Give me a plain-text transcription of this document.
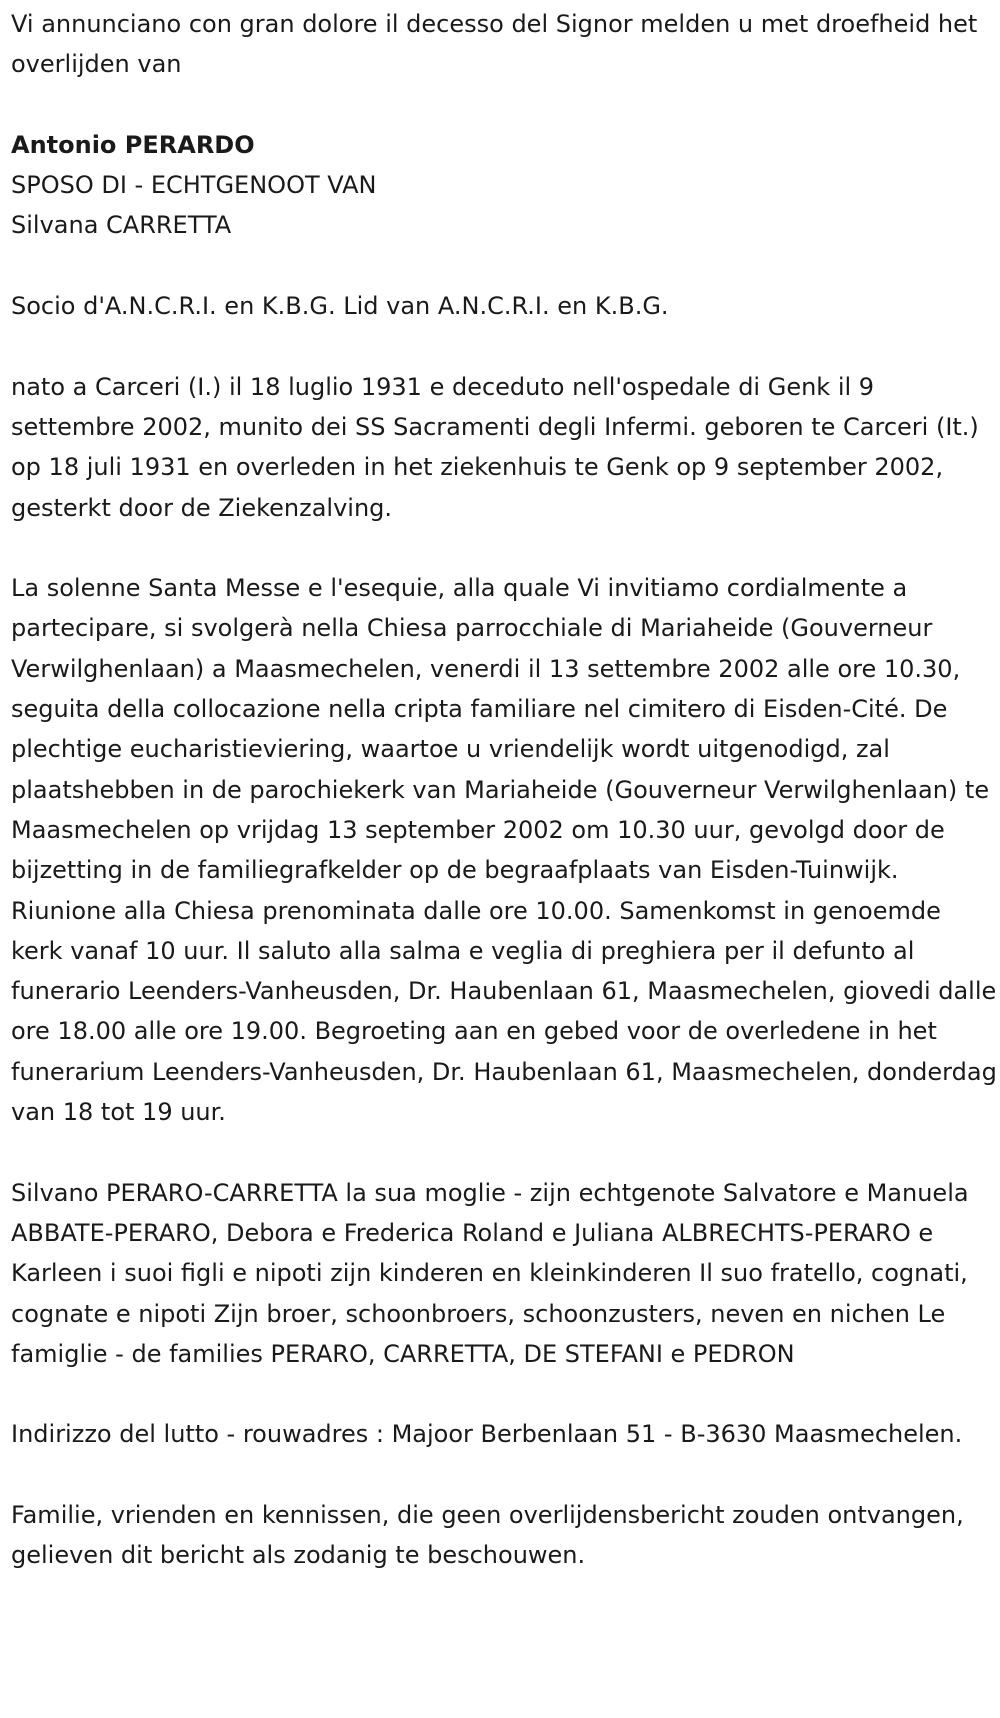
Vi annunciano con gran dolore il decesso del Signor melden u met droefheid het overlijden van

Antonio PERARDO

SPOSO DI - ECHTGENOOT VAN

Silvana CARRETTA

Socio d'A.N.C.R.I. en K.B.G. Lid van A.N.C.R.I. en K.B.G.

nato a Carceri (I.) il 18 luglio 1931 e deceduto nell'ospedale di Genk il 9 settembre 2002, munito dei SS Sacramenti degli Infermi. geboren te Carceri (It.) op 18 juli 1931 en overleden in het ziekenhuis te Genk op 9 september 2002, gesterkt door de Ziekenzalving.

La solenne Santa Messe e l'esequie, alla quale Vi invitiamo cordialmente a partecipare, si svolgerà nella Chiesa parrocchiale di Mariaheide (Gouverneur Verwilghenlaan) a Maasmechelen, venerdi il 13 settembre 2002 alle ore 10.30, seguita della collocazione nella cripta familiare nel cimitero di Eisden-Cité. De plechtige eucharistieviering, waartoe u vriendelijk wordt uitgenodigd, zal plaatshebben in de parochiekerk van Mariaheide (Gouverneur Verwilghenlaan) te Maasmechelen op vrijdag 13 september 2002 om 10.30 uur, gevolgd door de bijzetting in de familiegrafkelder op de begraafplaats van Eisden-Tuinwijk. Riunione alla Chiesa prenominata dalle ore 10.00. Samenkomst in genoemde kerk vanaf 10 uur. Il saluto alla salma e veglia di preghiera per il defunto al funerario Leenders-Vanheusden, Dr. Haubenlaan 61, Maasmechelen, giovedi dalle ore 18.00 alle ore 19.00. Begroeting aan en gebed voor de overledene in het funerarium Leenders-Vanheusden, Dr. Haubenlaan 61, Maasmechelen, donderdag van 18 tot 19 uur.

Silvano PERARO-CARRETTA la sua moglie - zijn echtgenote Salvatore e Manuela ABBATE-PERARO, Debora e Frederica Roland e Juliana ALBRECHTS-PERARO e Karleen i suoi figli e nipoti zijn kinderen en kleinkinderen Il suo fratello, cognati, cognate e nipoti Zijn broer, schoonbroers, schoonzusters, neven en nichen Le famiglie - de families PERARO, CARRETTA, DE STEFANI e PEDRON

Indirizzo del lutto - rouwadres : Majoor Berbenlaan 51 - B-3630 Maasmechelen.

Familie, vrienden en kennissen, die geen overlijdensbericht zouden ontvangen, gelieven dit bericht als zodanig te beschouwen.
